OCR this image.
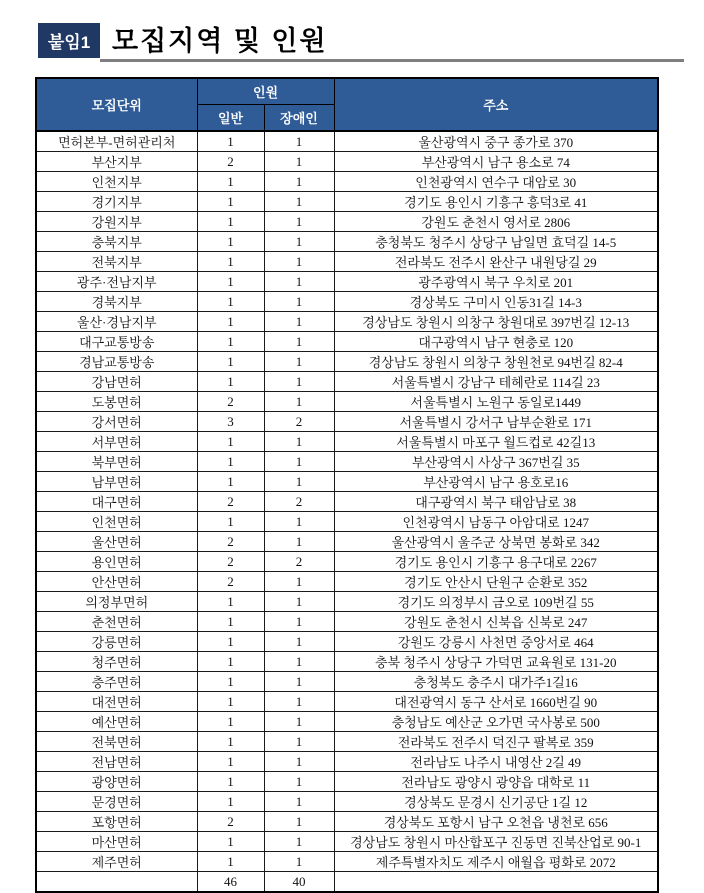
붙임1 모집지역 및 인원
모집단위	인원		주소
	일반	장애인	
면허본부-면허관리처	1	1	울산광역시 중구 종가로 370
부산지부	2	1	부산광역시 남구 용소로 74
인천지부	1	1	인천광역시 연수구 대암로 30
경기지부	1	1	경기도 용인시 기흥구 흥덕3로 41
강원지부	1	1	강원도 춘천시 영서로 2806
충북지부	1	1	충청북도 청주시 상당구 남일면 효덕길 14-5
전북지부	1	1	전라북도 전주시 완산구 내원당길 29
광주·전남지부	1	1	광주광역시 북구 우치로 201
경북지부	1	1	경상북도 구미시 인동31길 14-3
울산·경남지부	1	1	경상남도 창원시 의창구 창원대로 397번길 12-13
대구교통방송	1	1	대구광역시 남구 현충로 120
경남교통방송	1	1	경상남도 창원시 의창구 창원천로 94번길 82-4
강남면허	1	1	서울특별시 강남구 테헤란로 114길 23
도봉면허	2	1	서울특별시 노원구 동일로1449
강서면허	3	2	서울특별시 강서구 남부순환로 171
서부면허	1	1	서울특별시 마포구 월드컵로 42길13
북부면허	1	1	부산광역시 사상구 367번길 35
남부면허	1	1	부산광역시 남구 용호로16
대구면허	2	2	대구광역시 북구 태암남로 38
인천면허	1	1	인천광역시 남동구 아암대로 1247
울산면허	2	1	울산광역시 울주군 상북면 봉화로 342
용인면허	2	2	경기도 용인시 기흥구 용구대로 2267
안산면허	2	1	경기도 안산시 단원구 순환로 352
의정부면허	1	1	경기도 의정부시 금오로 109번길 55
춘천면허	1	1	강원도 춘천시 신북읍 신북로 247
강릉면허	1	1	강원도 강릉시 사천면 중앙서로 464
청주면허	1	1	충북 청주시 상당구 가덕면 교육원로 131-20
충주면허	1	1	충청북도 충주시 대가주1길16
대전면허	1	1	대전광역시 동구 산서로 1660번길 90
예산면허	1	1	충청남도 예산군 오가면 국사봉로 500
전북면허	1	1	전라북도 전주시 덕진구 팔복로 359
전남면허	1	1	전라남도 나주시 내영산 2길 49
광양면허	1	1	전라남도 광양시 광양읍 대학로 11
문경면허	1	1	경상북도 문경시 신기공단 1길 12
포항면허	2	1	경상북도 포항시 남구 오천읍 냉천로 656
마산면허	1	1	경상남도 창원시 마산합포구 진동면 진북산업로 90-1
제주면허	1	1	제주특별자치도 제주시 애월읍 평화로 2072
	46	40	
